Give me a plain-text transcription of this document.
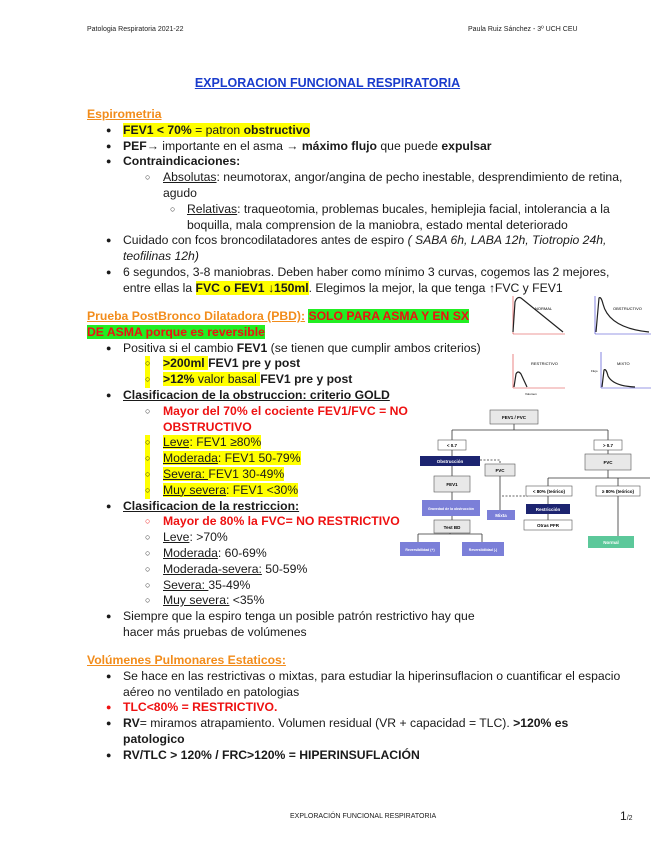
Patologia Respiratoria 2021-22	Paula Ruiz Sánchez - 3º UCH CEU
EXPLORACION FUNCIONAL RESPIRATORIA
Espirometria
● FEV1 < 70% = patron obstructivo
● PEF→ importante en el asma → máximo flujo que puede expulsar
● Contraindicaciones:
○ Absolutas: neumotorax, angor/angina de pecho inestable, desprendimiento de retina, agudo
○ Relativas: traqueotomia, problemas bucales, hemiplejia facial, intolerancia a la boquilla, mala comprension de la maniobra, estado mental deteriorado
● Cuidado con fcos broncodilatadores antes de espiro ( SABA 6h, LABA 12h, Tiotropio 24h, teofilinas 12h)
● 6 segundos, 3-8 maniobras. Deben haber como mínimo 3 curvas, cogemos las 2 mejores, entre ellas la FVC o FEV1 ↓150ml. Elegimos la mejor, la que tenga ↑FVC y FEV1
Prueba PostBronco Dilatadora (PBD): SOLO PARA ASMA Y EN SX DE ASMA porque es reversible
● Positiva si el cambio FEV1 (se tienen que cumplir ambos criterios)
○ >200ml FEV1 pre y post
○ >12% valor basal FEV1 pre y post
● Clasificacion de la obstruccion: criterio GOLD
○ Mayor del 70% el cociente FEV1/FVC = NO OBSTRUCTIVO
○ Leve: FEV1 ≥80%
○ Moderada: FEV1 50-79%
○ Severa: FEV1 30-49%
○ Muy severa: FEV1 <30%
● Clasificacion de la restriccion:
○ Mayor de 80% la FVC= NO RESTRICTIVO
○ Leve: >70%
○ Moderada: 60-69%
○ Moderada-severa: 50-59%
○ Severa: 35-49%
○ Muy severa: <35%
● Siempre que la espiro tenga un posible patrón restrictivo hay que hacer más pruebas de volúmenes
Volúmenes Pulmonares Estaticos:
● Se hace en las restrictivas o mixtas, para estudiar la hiperinsuflacion o cuantificar el espacio aéreo no ventilado en patologias
● TLC<80% = RESTRICTIVO.
● RV= miramos atrapamiento. Volumen residual (VR + capacidad = TLC). >120% es patologico
● RV/TLC > 120% / FRC>120% = HIPERINSUFLACIÓN
NORMAL	OBSTRUCTIVO
RESTRICTIVO
Volumen
MIXTO
Flujo
FEV1 / FVC
< 0.7	> 0.7
Obstrucción
FVC
FVC
FEV1
Gravedad de la obstrucción
Mixta
Test BD
Reversibilidad (+)	Reversibilidad (-)
< 80% (teórico)	≥ 80% (teórico)
Restricción
Otras PFR
Normal
EXPLORACIÓN FUNCIONAL RESPIRATORIA	1/2
